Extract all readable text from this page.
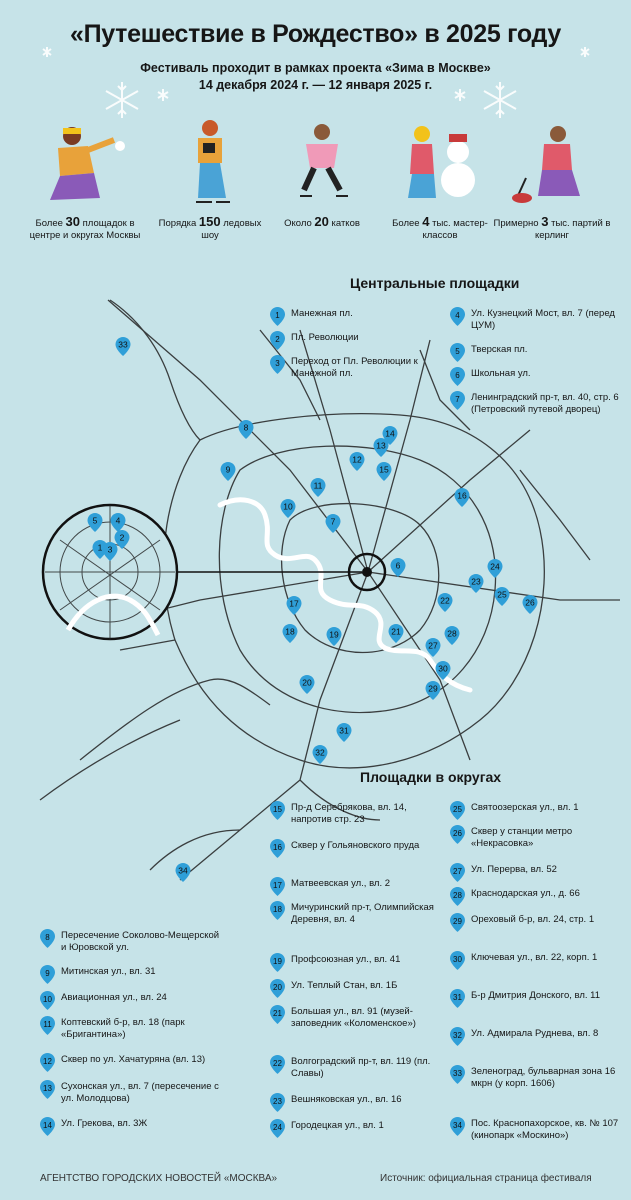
«Путешествие в Рождество» в 2025 году
Фестиваль проходит в рамках проекта «Зима в Москве»
14 декабря 2024 г. — 12 января 2025 г.
Более 30 площадок в центре и округах Москвы
Порядка 150 ледовых шоу
Около 20 катков	Более 4 тыс. мастер-классов
Примерно 3 тыс. партий в керлинг
1
2
3
4
5
6
7
8
9
10
11
12
13
14
15
16
17
18	19
20
21
22
23
24
25
26
27
28
29
30
31
32
33
34
Центральные площадки
Площадки в округах
1	Манежная пл.
2	Пл. Революции
3	Переход от Пл. Революции к Манежной пл.
4	Ул. Кузнецкий Мост, вл. 7 (перед ЦУМ)
5	Тверская пл.
6	Школьная ул.
7	Ленинградский пр-т, вл. 40, стр. 6 (Петровский путевой дворец)
8	Пересечение Соколово-Мещерской и Юровской ул.
9	Митинская ул., вл. 31
10 Авиационная ул., вл. 24
11 Коптевский б-р, вл. 18 (парк «Бригантина»)
12 Сквер по ул. Хачатуряна (вл. 13)
13 Сухонская ул., вл. 7 (пересечение с ул. Молодцова)
14 Ул. Грекова, вл. 3Ж
15 Пр-д Серебрякова, вл. 14, напротив стр. 23
16 Сквер у Гольяновского пруда
17 Матвеевская ул., вл. 2
18 Мичуринский пр-т, Олимпийская Деревня, вл. 4
19 Профсоюзная ул., вл. 41
20 Ул. Теплый Стан, вл. 1Б
21 Большая ул., вл. 91 (музей-заповедник «Коломенское»)
22 Волгоградский пр-т, вл. 119 (пл. Славы)
23 Вешняковская ул., вл. 16
24 Городецкая ул., вл. 1
25 Святоозерская ул., вл. 1
26 Сквер у станции метро «Некрасовка»
27 Ул. Перерва, вл. 52
28 Краснодарская ул., д. 66
29 Ореховый б-р, вл. 24, стр. 1
30 Ключевая ул., вл. 22, корп. 1
31 Б-р Дмитрия Донского, вл. 11
32 Ул. Адмирала Руднева, вл. 8
33 Зеленоград, бульварная зона 16 мкрн (у корп. 1606)
34 Пос. Краснопахорское, кв. № 107 (кинопарк «Москино»)
АГЕНТСТВО ГОРОДСКИХ НОВОСТЕЙ «МОСКВА»	Источник: официальная страница фестиваля
